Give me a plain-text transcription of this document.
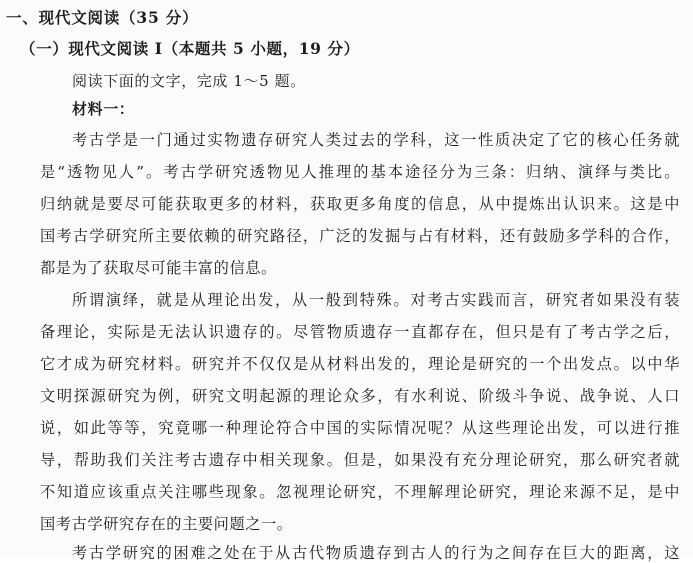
一、现代文阅读（35 分）
（一）现代文阅读 Ⅰ（本题共 5 小题，19 分）
阅读下面的文字，完成 1～5 题。
材料一：
考古学是一门通过实物遗存研究人类过去的学科，这一性质决定了它的核心任务就
是“透物见人”。考古学研究透物见人推理的基本途径分为三条：归纳、演绎与类比。
归纳就是要尽可能获取更多的材料，获取更多角度的信息，从中提炼出认识来。这是中
国考古学研究所主要依赖的研究路径，广泛的发掘与占有材料，还有鼓励多学科的合作，
都是为了获取尽可能丰富的信息。
所谓演绎，就是从理论出发，从一般到特殊。对考古实践而言，研究者如果没有装
备理论，实际是无法认识遗存的。尽管物质遗存一直都存在，但只是有了考古学之后，
它才成为研究材料。研究并不仅仅是从材料出发的，理论是研究的一个出发点。以中华
文明探源研究为例，研究文明起源的理论众多，有水利说、阶级斗争说、战争说、人口
说，如此等等，究竟哪一种理论符合中国的实际情况呢？从这些理论出发，可以进行推
导，帮助我们关注考古遗存中相关现象。但是，如果没有充分理论研究，那么研究者就
不知道应该重点关注哪些现象。忽视理论研究，不理解理论研究，理论来源不足，是中
国考古学研究存在的主要问题之一。
考古学研究的困难之处在于从古代物质遗存到古人的行为之间存在巨大的距离，这
